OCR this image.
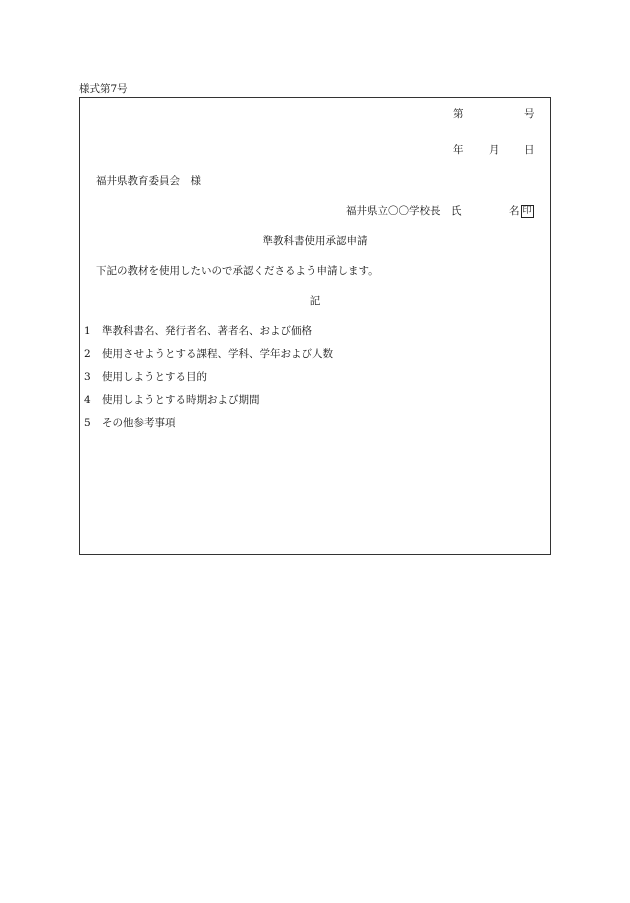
様式第7号
第	号
年 月 日
福井県教育委員会　様
福井県立〇〇学校長　氏	名 印
準教科書使用承認申請
下記の教材を使用したいので承認くださるよう申請します。
記
1 準教科書名、発行者名、著者名、および価格
2 使用させようとする課程、学科、学年および人数
3 使用しようとする目的
4 使用しようとする時期および期間
5 その他参考事項
